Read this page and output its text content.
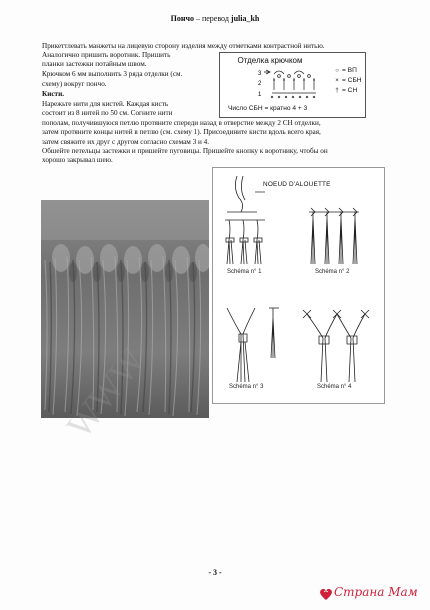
Пончо – перевод julia_kh
Прикеттлевать манжеты на лицевую сторону изделия между отметками контрастной нитью.
Аналогично пришить воротник. Пришить
планки застежки потайным швом.
Крючком 6 мм выполнить 3 ряда отделки (см.
схему) вокруг пончо.
Кисти.
Нарежьте нити для кистей. Каждая кисть
состоит из 8 нитей по 50 см. Согните нити
пополам, получившуюся петлю протяните спереди назад в отверстие между 2 СН отделки,
затем протяните концы нитей в петлю (см. схему 1). Присоедините кисти вдоль всего края,
затем свяжите их друг с другом согласно схемам 3 и 4.
Обшейте петельцы застежки и пришейте пуговицы. Пришейте кнопку к воротнику, чтобы он
хорошо закрывал шею.
Отделка крючком
3
2
1
○ = ВП
× = СБН
† = СН
Число СБН = кратно 4 + 3
NOEUD D'ALOUETTE
Schéma n° 1	Schéma n° 2
Schéma n° 3	Schéma n° 4
WWW
- 3 -
Страна Мам
